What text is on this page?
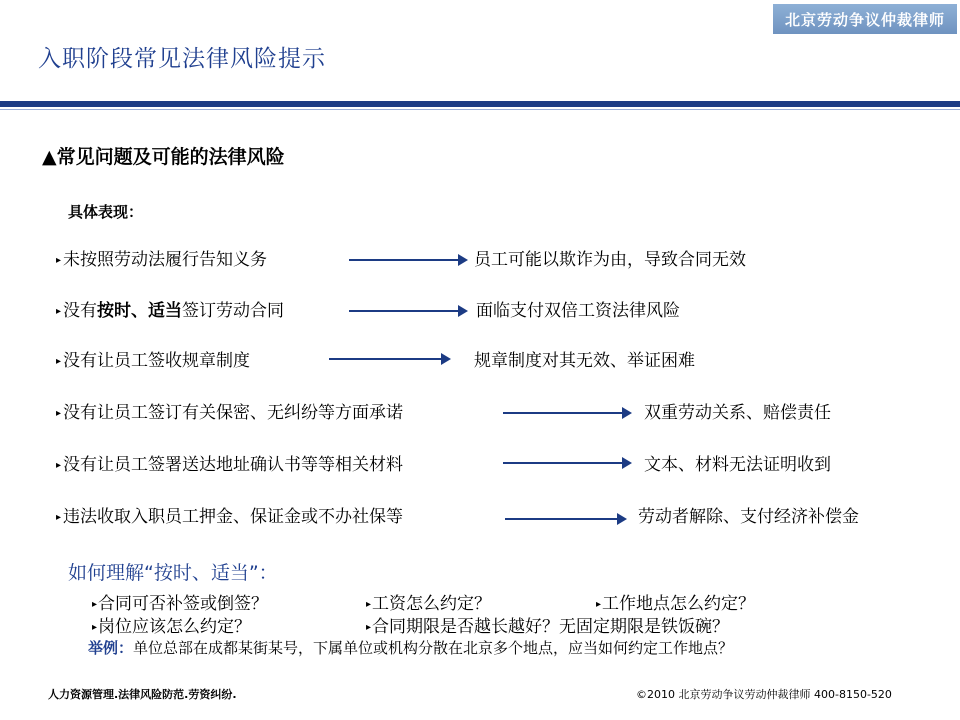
北京劳动争议仲裁律师
入职阶段常见法律风险提示
▲常见问题及可能的法律风险
具体表现：
▸ 未按照劳动法履行告知义务	员工可能以欺诈为由，导致合同无效
▸ 没有按时、适当签订劳动合同	面临支付双倍工资法律风险
▸ 没有让员工签收规章制度	规章制度对其无效、举证困难
▸ 没有让员工签订有关保密、无纠纷等方面承诺	双重劳动关系、赔偿责任
▸ 没有让员工签署送达地址确认书等等相关材料	文本、材料无法证明收到
▸ 违法收取入职员工押金、保证金或不办社保等	劳动者解除、支付经济补偿金
如何理解“按时、适当”：
▸合同可否补签或倒签？	▸工资怎么约定？	▸工作地点怎么约定？
▸岗位应该怎么约定？	▸合同期限是否越长越好？无固定期限是铁饭碗？
举例：单位总部在成都某街某号，下属单位或机构分散在北京多个地点，应当如何约定工作地点？
人力资源管理.法律风险防范.劳资纠纷.	©2010 北京劳动争议劳动仲裁律师 400-8150-520
